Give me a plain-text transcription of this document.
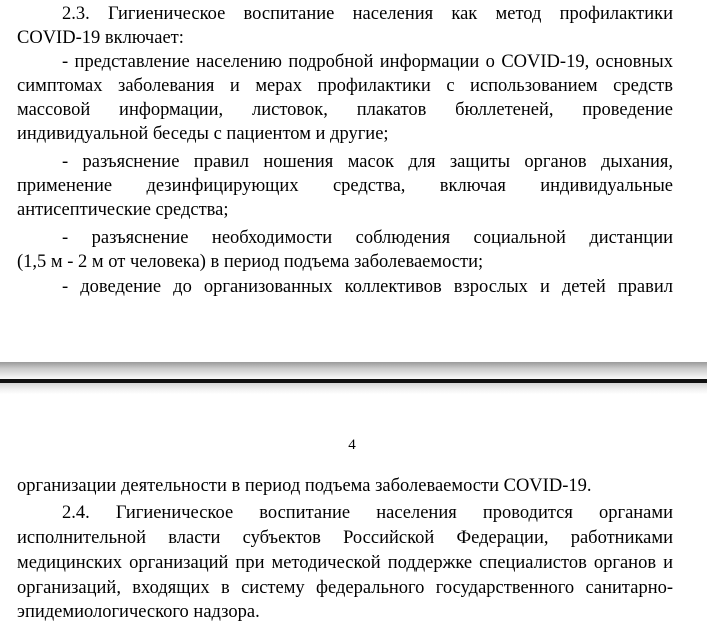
2.3. Гигиеническое воспитание населения как метод профилактики
COVID-19 включает:
- представление населению подробной информации о COVID-19, основных
симптомах заболевания и мерах профилактики с использованием средств
массовой информации, листовок, плакатов бюллетеней, проведение
индивидуальной беседы с пациентом и другие;
- разъяснение правил ношения масок для защиты органов дыхания,
применение дезинфицирующих средства, включая индивидуальные
антисептические средства;
- разъяснение необходимости соблюдения социальной дистанции
(1,5 м - 2 м от человека) в период подъема заболеваемости;
- доведение до организованных коллективов взрослых и детей правил
4
организации деятельности в период подъема заболеваемости COVID-19.
2.4. Гигиеническое воспитание населения проводится органами
исполнительной власти субъектов Российской Федерации, работниками
медицинских организаций при методической поддержке специалистов органов и
организаций, входящих в систему федерального государственного санитарно-
эпидемиологического надзора.
